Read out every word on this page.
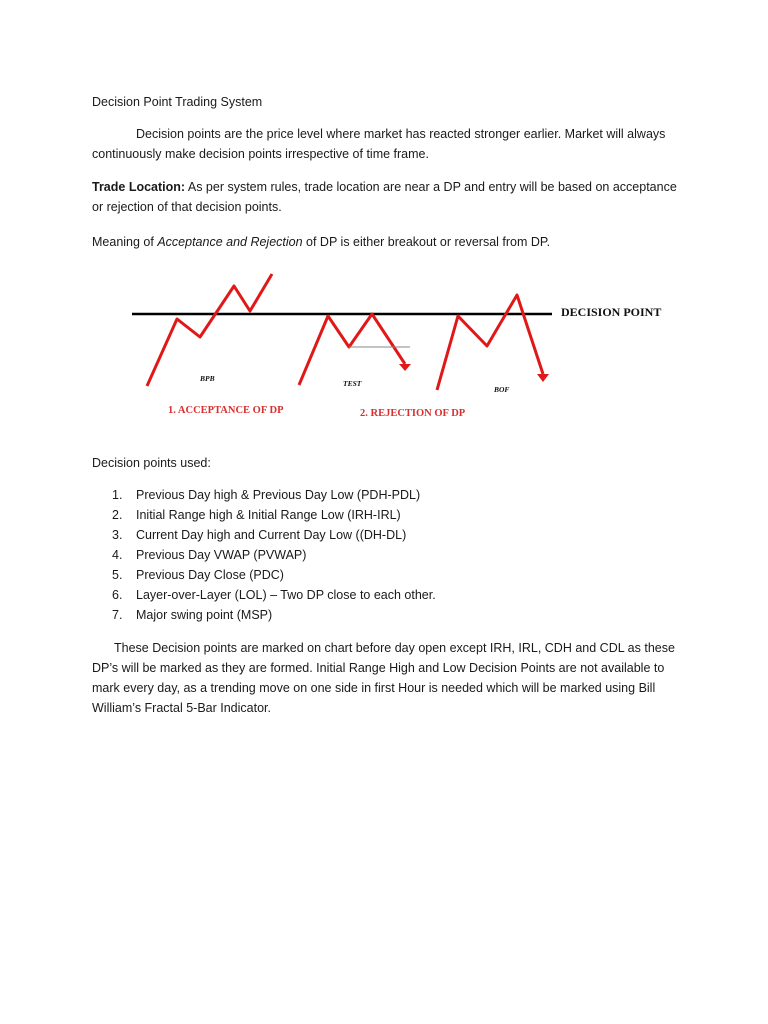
Decision Point Trading System

Decision points are the price level where market has reacted stronger earlier. Market will always
continuously make decision points irrespective of time frame.

Trade Location: As per system rules, trade location are near a DP and entry will be based on acceptance
or rejection of that decision points.

Meaning of Acceptance and Rejection of DP is either breakout or reversal from DP.

DECISION POINT
BPB
TEST
BOF
1. ACCEPTANCE OF DP	2. REJECTION OF DP

Decision points used:

1.	Previous Day high & Previous Day Low (PDH-PDL)
2.	Initial Range high & Initial Range Low (IRH-IRL)
3.	Current Day high and Current Day Low ((DH-DL)
4.	Previous Day VWAP (PVWAP)
5.	Previous Day Close (PDC)
6.	Layer-over-Layer (LOL) – Two DP close to each other.
7.	Major swing point (MSP)

These Decision points are marked on chart before day open except IRH, IRL, CDH and CDL as these
DP’s will be marked as they are formed. Initial Range High and Low Decision Points are not available to
mark every day, as a trending move on one side in first Hour is needed which will be marked using Bill
William’s Fractal 5-Bar Indicator.
